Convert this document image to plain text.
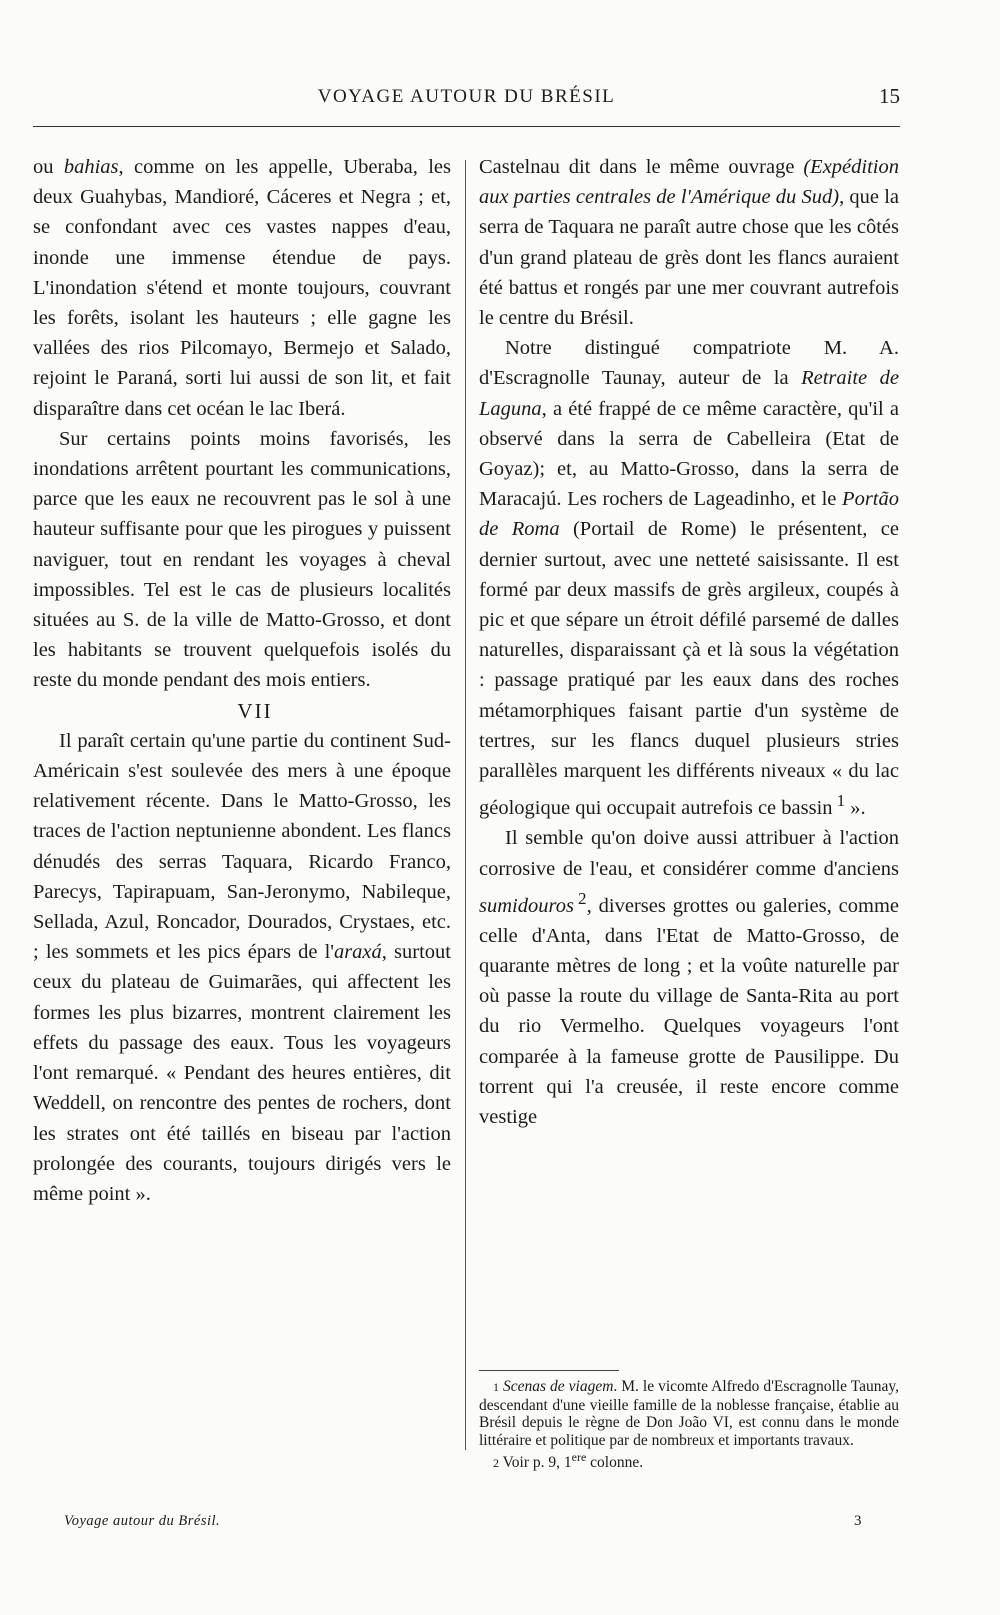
VOYAGE AUTOUR DU BRÉSIL	15

ou bahias, comme on les appelle, Uberaba, les deux Guahybas, Mandioré, Cáceres et Negra ; et, se confondant avec ces vastes nappes d'eau, inonde une immense étendue de pays. L'inondation s'étend et monte toujours, couvrant les forêts, isolant les hauteurs ; elle gagne les vallées des rios Pilcomayo, Bermejo et Salado, rejoint le Paraná, sorti lui aussi de son lit, et fait disparaître dans cet océan le lac Iberá.

Sur certains points moins favorisés, les inondations arrêtent pourtant les communications, parce que les eaux ne recouvrent pas le sol à une hauteur suffisante pour que les pirogues y puissent naviguer, tout en rendant les voyages à cheval impossibles. Tel est le cas de plusieurs localités situées au S. de la ville de Matto-Grosso, et dont les habitants se trouvent quelquefois isolés du reste du monde pendant des mois entiers.

VII

Il paraît certain qu'une partie du continent Sud-Américain s'est soulevée des mers à une époque relativement récente. Dans le Matto-Grosso, les traces de l'action neptunienne abondent. Les flancs dénudés des serras Taquara, Ricardo Franco, Parecys, Tapirapuam, San-Jeronymo, Nabileque, Sellada, Azul, Roncador, Dourados, Crystaes, etc. ; les sommets et les pics épars de l'araxá, surtout ceux du plateau de Guimarães, qui affectent les formes les plus bizarres, montrent clairement les effets du passage des eaux. Tous les voyageurs l'ont remarqué. « Pendant des heures entières, dit Weddell, on rencontre des pentes de rochers, dont les strates ont été taillés en biseau par l'action prolongée des courants, toujours dirigés vers le même point ».

Castelnau dit dans le même ouvrage (Expédition aux parties centrales de l'Amérique du Sud), que la serra de Taquara ne paraît autre chose que les côtés d'un grand plateau de grès dont les flancs auraient été battus et rongés par une mer couvrant autrefois le centre du Brésil.

Notre distingué compatriote M. A. d'Escragnolle Taunay, auteur de la Retraite de Laguna, a été frappé de ce même caractère, qu'il a observé dans la serra de Cabelleira (Etat de Goyaz); et, au Matto-Grosso, dans la serra de Maracajú. Les rochers de Lageadinho, et le Portão de Roma (Portail de Rome) le présentent, ce dernier surtout, avec une netteté saisissante. Il est formé par deux massifs de grès argileux, coupés à pic et que sépare un étroit défilé parsemé de dalles naturelles, disparaissant çà et là sous la végétation : passage pratiqué par les eaux dans des roches métamorphiques faisant partie d'un système de tertres, sur les flancs duquel plusieurs stries parallèles marquent les différents niveaux « du lac géologique qui occupait autrefois ce bassin  $^1$ ».

Il semble qu'on doive aussi attribuer à l'action corrosive de l'eau, et considérer comme d'anciens sumidouros  $^2$, diverses grottes ou galeries, comme celle d'Anta, dans l'Etat de Matto-Grosso, de quarante mètres de long ; et la voûte naturelle par où passe la route du village de Santa-Rita au port du rio Vermelho. Quelques voyageurs l'ont comparée à la fameuse grotte de Pausilippe. Du torrent qui l'a creusée, il reste encore comme vestige

1 Scenas de viagem. M. le vicomte Alfredo d'Escragnolle Taunay, descendant d'une vieille famille de la noblesse française, établie au Brésil depuis le règne de Don João VI, est connu dans le monde littéraire et politique par de nombreux et importants travaux.

2 Voir p. 9, 1ere colonne.

Voyage autour du Brésil.	3
